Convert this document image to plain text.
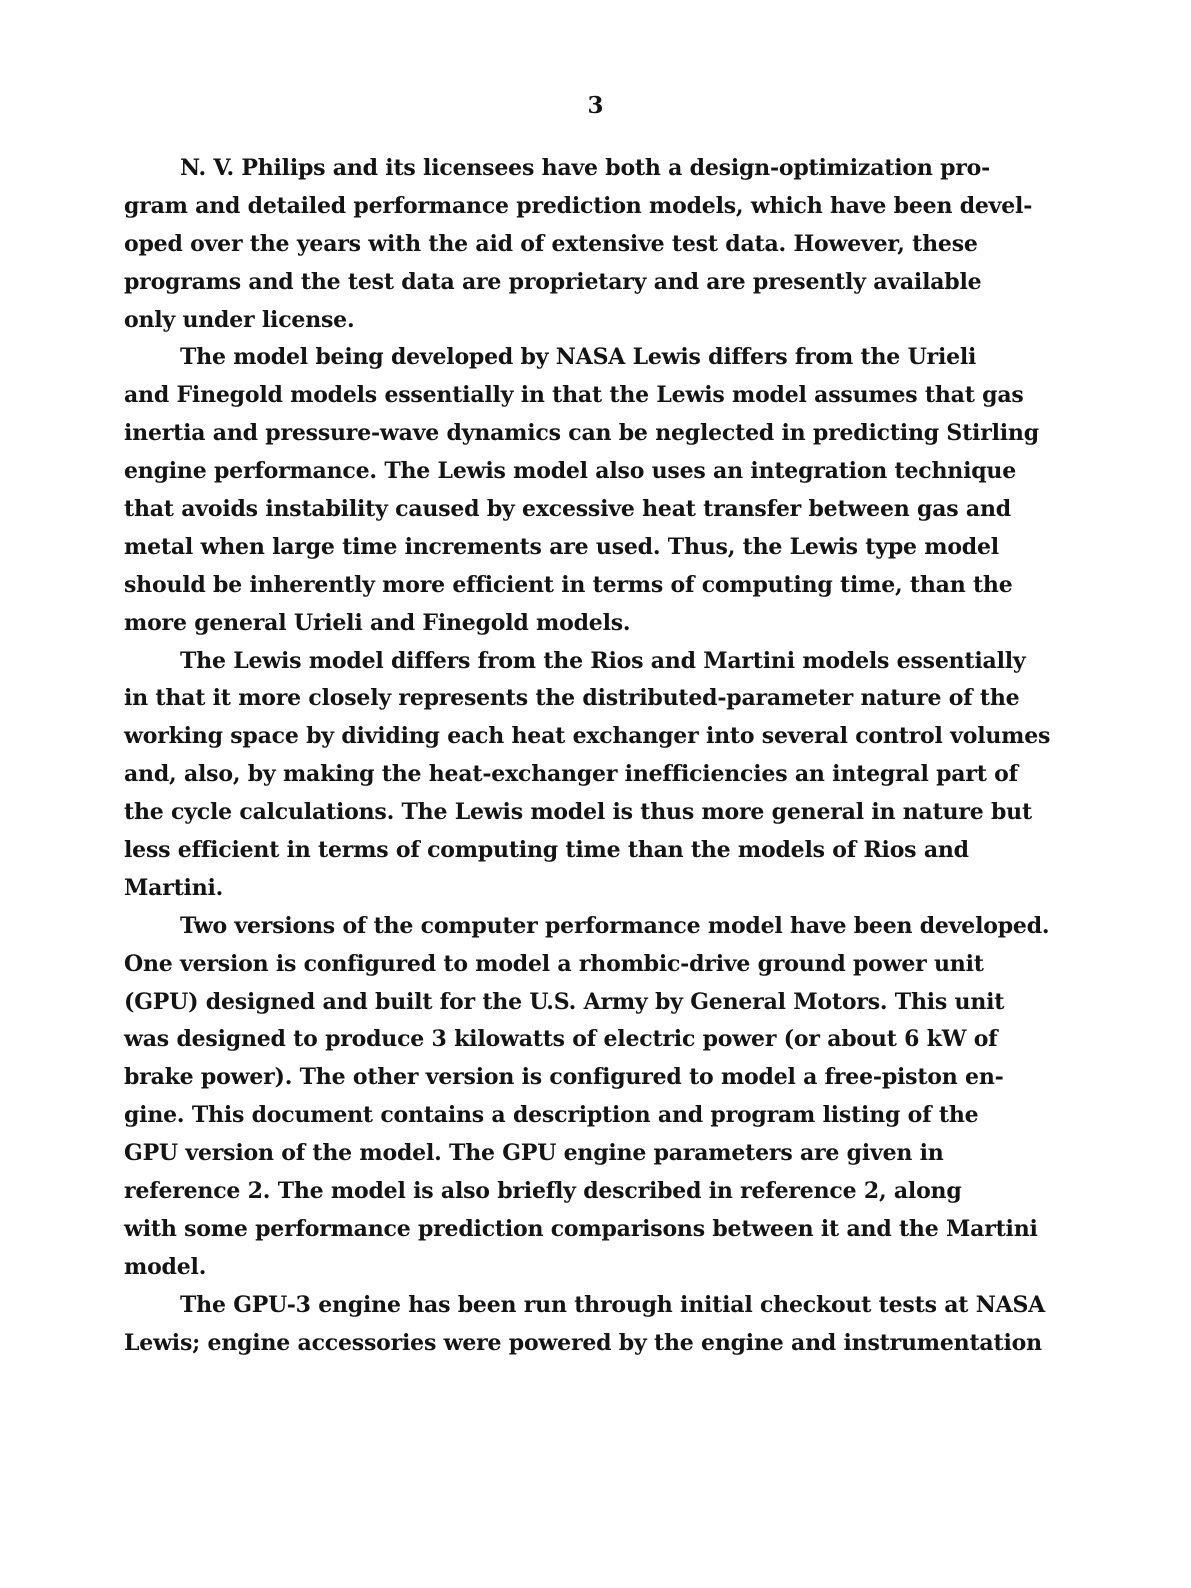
3
N. V. Philips and its licensees have both a design-optimization pro-
gram and detailed performance prediction models, which have been devel-
oped over the years with the aid of extensive test data. However, these
programs and the test data are proprietary and are presently available
only under license.
The model being developed by NASA Lewis differs from the Urieli
and Finegold models essentially in that the Lewis model assumes that gas
inertia and pressure-wave dynamics can be neglected in predicting Stirling
engine performance. The Lewis model also uses an integration technique
that avoids instability caused by excessive heat transfer between gas and
metal when large time increments are used. Thus, the Lewis type model
should be inherently more efficient in terms of computing time, than the
more general Urieli and Finegold models.
The Lewis model differs from the Rios and Martini models essentially
in that it more closely represents the distributed-parameter nature of the
working space by dividing each heat exchanger into several control volumes
and, also, by making the heat-exchanger inefficiencies an integral part of
the cycle calculations. The Lewis model is thus more general in nature but
less efficient in terms of computing time than the models of Rios and
Martini.
Two versions of the computer performance model have been developed.
One version is configured to model a rhombic-drive ground power unit
(GPU) designed and built for the U.S. Army by General Motors. This unit
was designed to produce 3 kilowatts of electric power (or about 6 kW of
brake power). The other version is configured to model a free-piston en-
gine. This document contains a description and program listing of the
GPU version of the model. The GPU engine parameters are given in
reference 2. The model is also briefly described in reference 2, along
with some performance prediction comparisons between it and the Martini
model.
The GPU-3 engine has been run through initial checkout tests at NASA
Lewis; engine accessories were powered by the engine and instrumentation
